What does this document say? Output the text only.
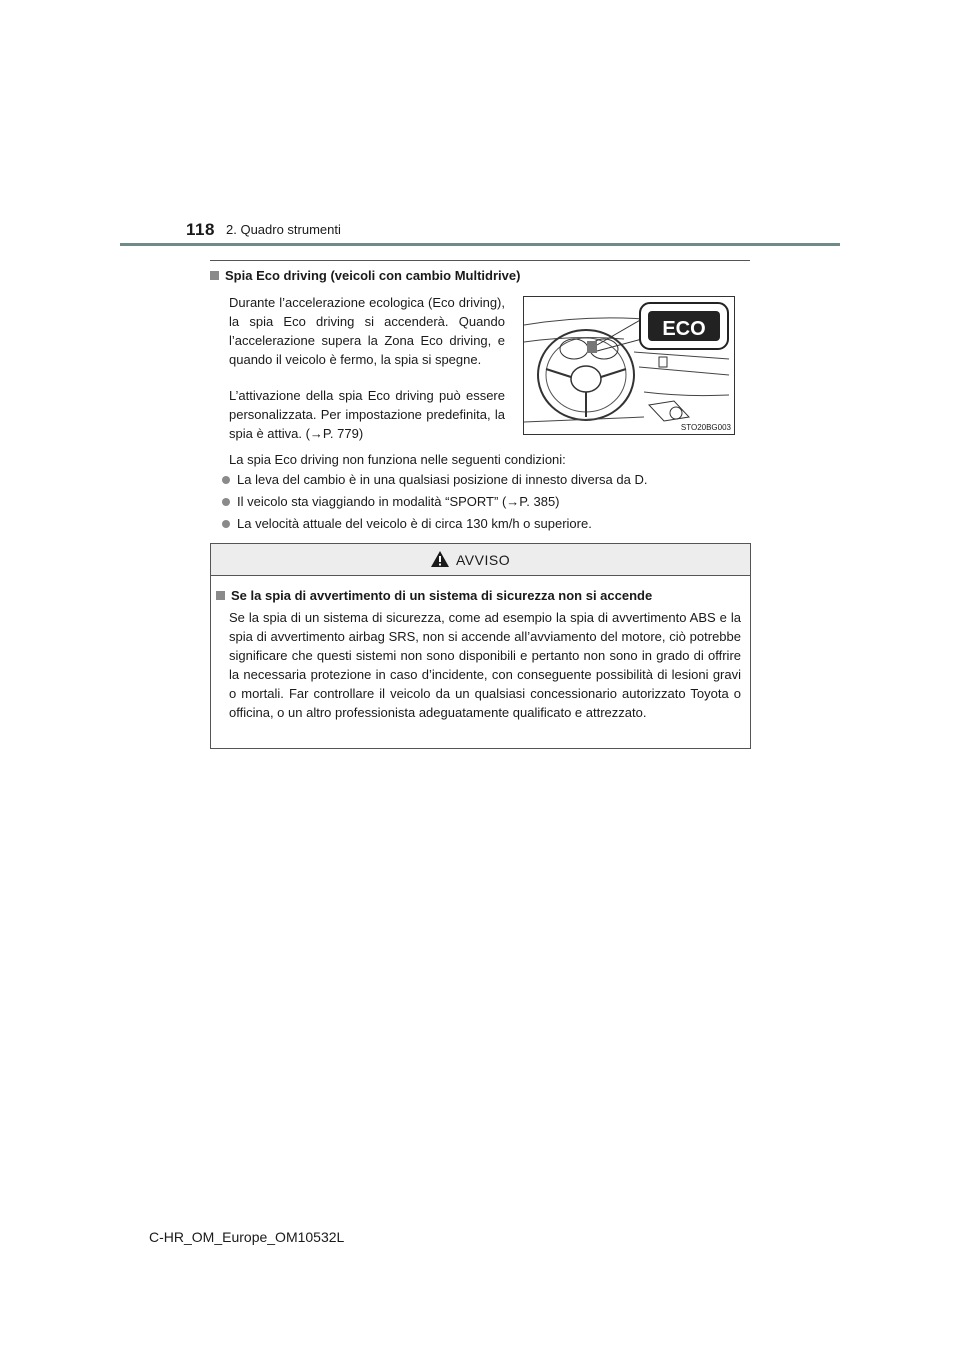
118 2. Quadro strumenti
Spia Eco driving (veicoli con cambio Multidrive)
Durante l’accelerazione ecologica (Eco driving), la spia Eco driving si accenderà. Quando l’accelerazione supera la Zona Eco driving, e quando il veicolo è fermo, la spia si spegne.
L’attivazione della spia Eco driving può essere personalizzata. Per impostazione predefinita, la spia è attiva. (→P. 779)
ECO
STO20BG003
La spia Eco driving non funziona nelle seguenti condizioni:
La leva del cambio è in una qualsiasi posizione di innesto diversa da D.
Il veicolo sta viaggiando in modalità “SPORT” (→P. 385)
La velocità attuale del veicolo è di circa 130 km/h o superiore.
AVVISO
Se la spia di avvertimento di un sistema di sicurezza non si accende
Se la spia di un sistema di sicurezza, come ad esempio la spia di avvertimento ABS e la spia di avvertimento airbag SRS, non si accende all’avviamento del motore, ciò potrebbe significare che questi sistemi non sono disponibili e pertanto non sono in grado di offrire la necessaria protezione in caso d’incidente, con conseguente possibilità di lesioni gravi o mortali. Far controllare il veicolo da un qualsiasi concessionario autorizzato Toyota o officina, o un altro professionista adeguatamente qualificato e attrezzato.
C-HR_OM_Europe_OM10532L
